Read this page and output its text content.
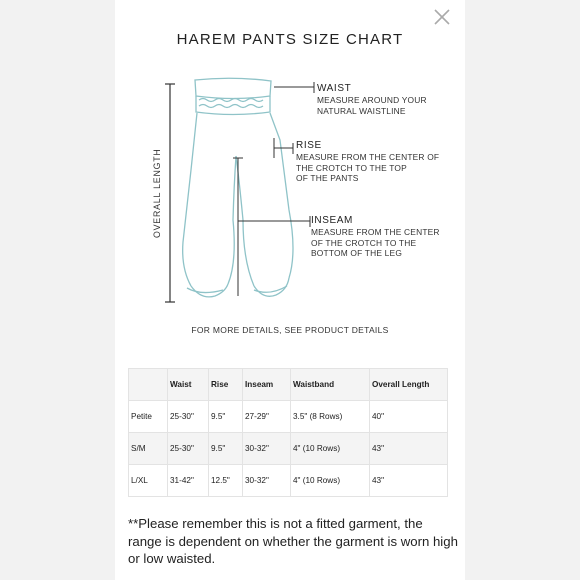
HAREM PANTS SIZE CHART
WAIST
MEASURE AROUND YOUR
NATURAL WAISTLINE
RISE
MEASURE FROM THE CENTER OF
THE CROTCH TO THE TOP
OF THE PANTS
INSEAM
MEASURE FROM THE CENTER
OF THE CROTCH TO THE
BOTTOM OF THE LEG
OVERALL LENGTH
FOR MORE DETAILS, SEE PRODUCT DETAILS
	Waist	Rise	Inseam	Waistband	Overall Length
Petite	25-30"	9.5"	27-29"	3.5" (8 Rows)	40"
S/M	25-30"	9.5"	30-32"	4" (10 Rows)	43"
L/XL	31-42"	12.5"	30-32"	4" (10 Rows)	43"
**Please remember this is not a fitted garment, the range is dependent on whether the garment is worn high or low waisted.
